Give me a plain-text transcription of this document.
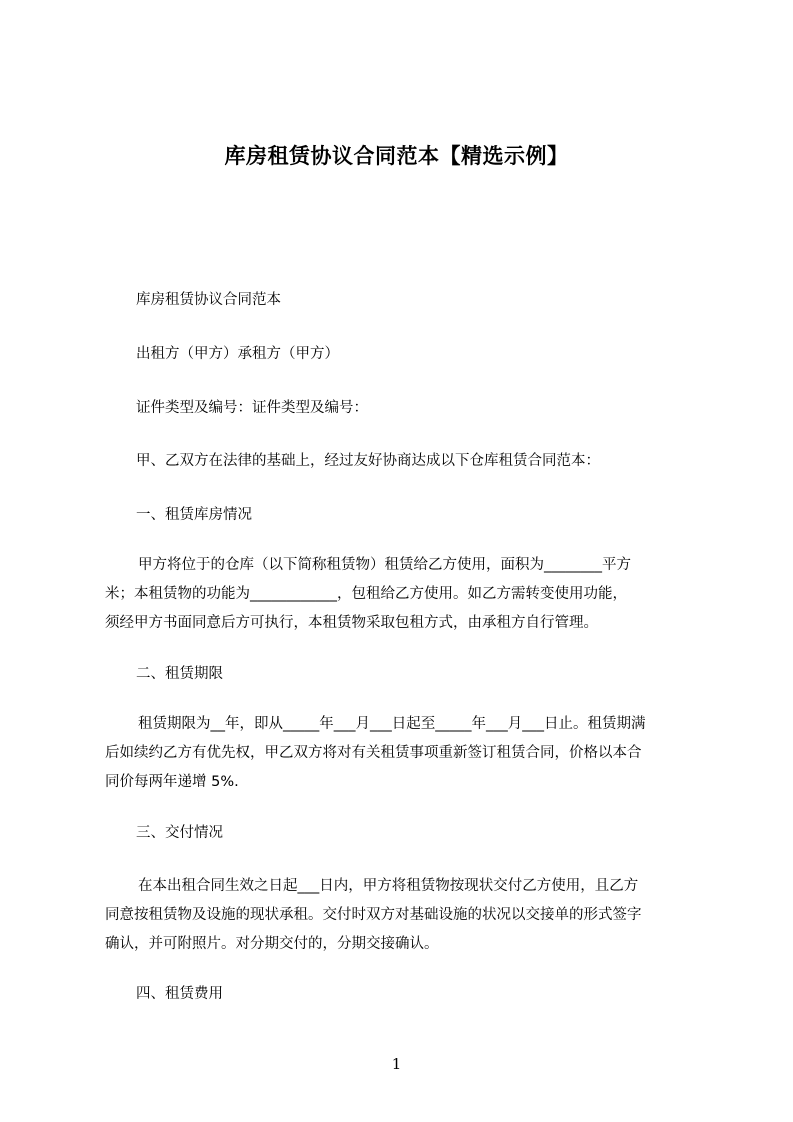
库房租赁协议合同范本【精选示例】
库房租赁协议合同范本
出租方（甲方）承租方（甲方）
证件类型及编号：证件类型及编号：
甲、乙双方在法律的基础上，经过友好协商达成以下仓库租赁合同范本：
一、租赁库房情况
甲方将位于的仓库（以下简称租赁物）租赁给乙方使用，面积为________平方
米；本租赁物的功能为____________，包租给乙方使用。如乙方需转变使用功能，
须经甲方书面同意后方可执行，本租赁物采取包租方式，由承租方自行管理。
二、租赁期限
租赁期限为__年，即从_____年___月___日起至_____年___月___日止。租赁期满
后如续约乙方有优先权，甲乙双方将对有关租赁事项重新签订租赁合同，价格以本合
同价每两年递增 5%.
三、交付情况
在本出租合同生效之日起___日内，甲方将租赁物按现状交付乙方使用，且乙方
同意按租赁物及设施的现状承租。交付时双方对基础设施的状况以交接单的形式签字
确认，并可附照片。对分期交付的，分期交接确认。
四、租赁费用
1
